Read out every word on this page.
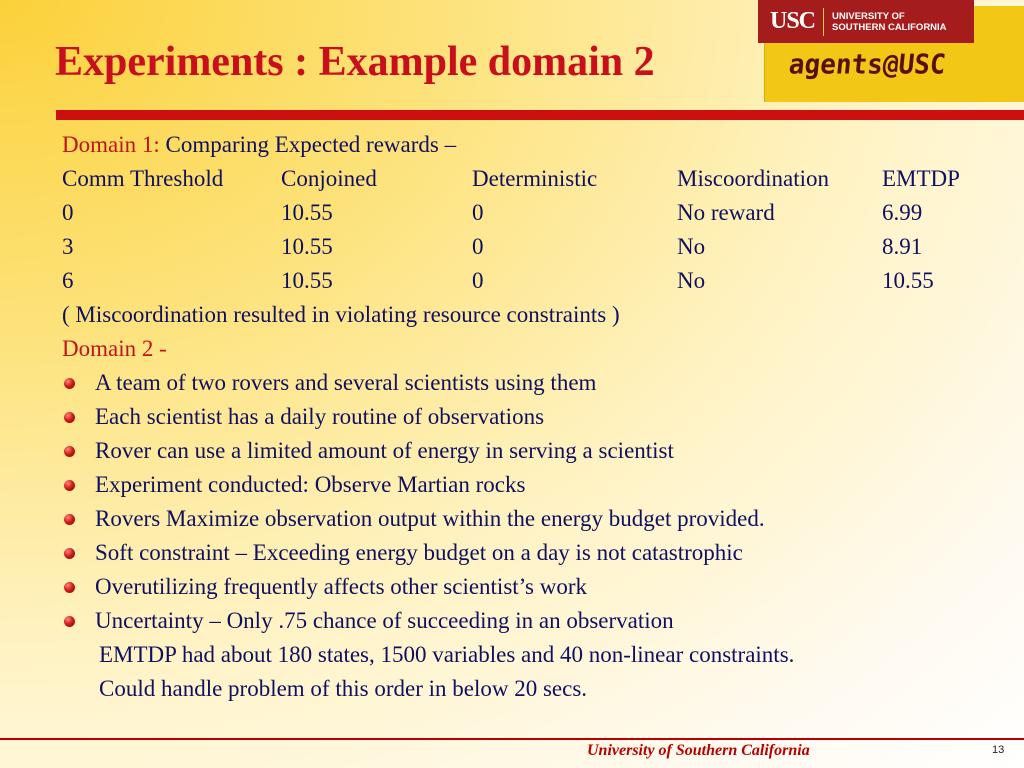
Experiments : Example domain 2	agents@USC
USC UNIVERSITY OF
SOUTHERN CALIFORNIA
Domain 1: Comparing Expected rewards –
Comm Threshold	Conjoined	Deterministic	Miscoordination	EMTDP
0	10.55	0	No reward	6.99
3	10.55	0	No	8.91
6	10.55	0	No	10.55
( Miscoordination resulted in violating resource constraints )
Domain 2 -
A team of two rovers and several scientists using them
Each scientist has a daily routine of observations
Rover can use a limited amount of energy in serving a scientist
Experiment conducted: Observe Martian rocks
Rovers Maximize observation output within the energy budget provided.
Soft constraint – Exceeding energy budget on a day is not catastrophic
Overutilizing frequently affects other scientist’s work
Uncertainty – Only .75 chance of succeeding in an observation
EMTDP had about 180 states, 1500 variables and 40 non-linear constraints.
Could handle problem of this order in below 20 secs.
University of Southern California	13
